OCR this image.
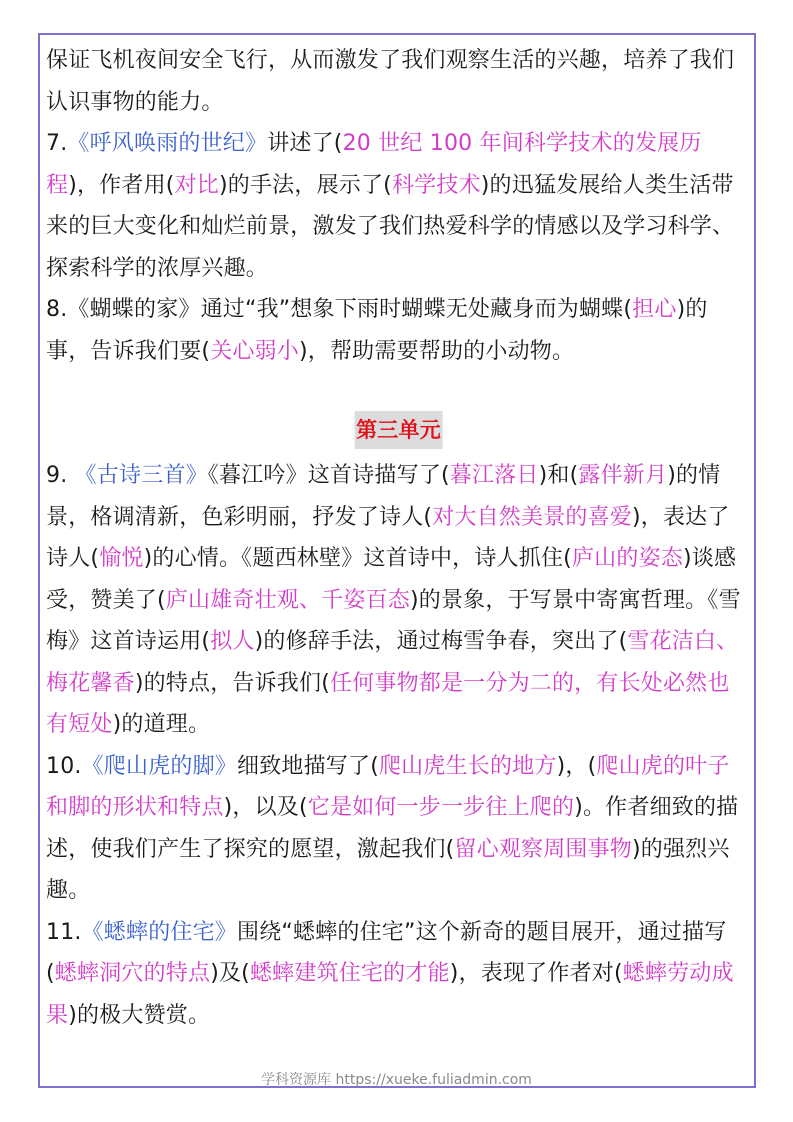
保证飞机夜间安全飞行，从而激发了我们观察生活的兴趣，培养了我们认识事物的能力。

7.《呼风唤雨的世纪》讲述了(20 世纪 100 年间科学技术的发展历程)，作者用(对比)的手法，展示了(科学技术)的迅猛发展给人类生活带来的巨大变化和灿烂前景，激发了我们热爱科学的情感以及学习科学、探索科学的浓厚兴趣。

8.《蝴蝶的家》通过“我”想象下雨时蝴蝶无处藏身而为蝴蝶(担心)的事，告诉我们要(关心弱小)，帮助需要帮助的小动物。

第三单元

9. 《古诗三首》《暮江吟》这首诗描写了(暮江落日)和(露伴新月)的情景，格调清新，色彩明丽，抒发了诗人(对大自然美景的喜爱)，表达了诗人(愉悦)的心情。《题西林壁》这首诗中，诗人抓住(庐山的姿态)谈感受，赞美了(庐山雄奇壮观、千姿百态)的景象，于写景中寄寓哲理。《雪梅》这首诗运用(拟人)的修辞手法，通过梅雪争春，突出了(雪花洁白、梅花馨香)的特点，告诉我们(任何事物都是一分为二的，有长处必然也有短处)的道理。

10.《爬山虎的脚》细致地描写了(爬山虎生长的地方)，(爬山虎的叶子和脚的形状和特点)，以及(它是如何一步一步往上爬的)。作者细致的描述，使我们产生了探究的愿望，激起我们(留心观察周围事物)的强烈兴趣。

11.《蟋蟀的住宅》围绕“蟋蟀的住宅”这个新奇的题目展开，通过描写(蟋蟀洞穴的特点)及(蟋蟀建筑住宅的才能)，表现了作者对(蟋蟀劳动成果)的极大赞赏。

学科资源库 https://xueke.fuliadmin.com
